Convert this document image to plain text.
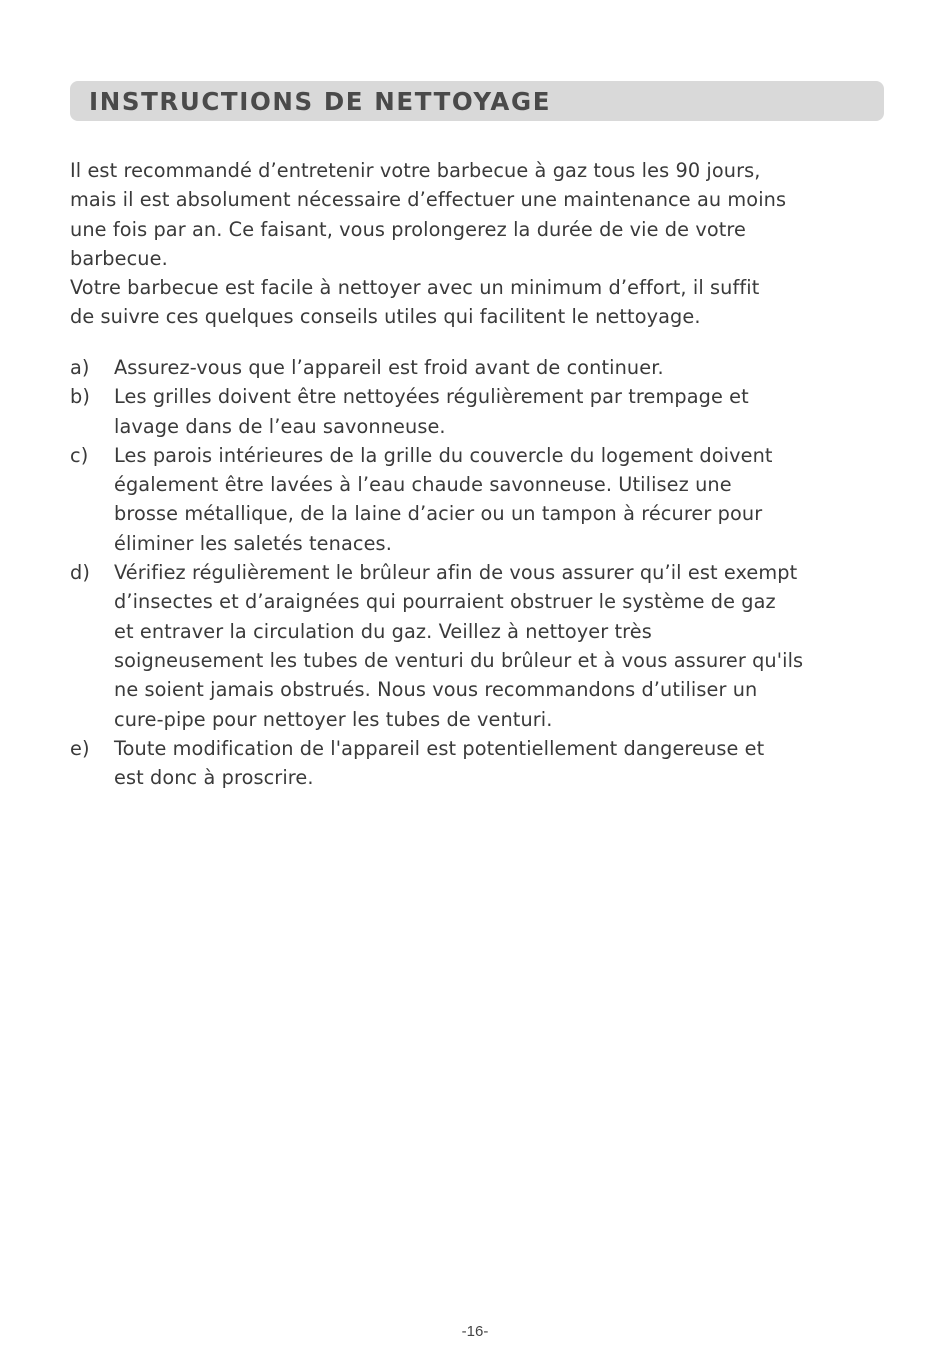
INSTRUCTIONS DE NETTOYAGE

Il est recommandé d’entretenir votre barbecue à gaz tous les 90 jours,

mais il est absolument nécessaire d’effectuer une maintenance au moins

une fois par an. Ce faisant, vous prolongerez la durée de vie de votre

barbecue.

Votre barbecue est facile à nettoyer avec un minimum d’effort, il suffit

de suivre ces quelques conseils utiles qui facilitent le nettoyage.

a) Assurez-vous que l’appareil est froid avant de continuer.
b) Les grilles doivent être nettoyées régulièrement par trempage et
lavage dans de l’eau savonneuse.
c) Les parois intérieures de la grille du couvercle du logement doivent
également être lavées à l’eau chaude savonneuse. Utilisez une
brosse métallique, de la laine d’acier ou un tampon à récurer pour
éliminer les saletés tenaces.
d) Vérifiez régulièrement le brûleur afin de vous assurer qu’il est exempt
d’insectes et d’araignées qui pourraient obstruer le système de gaz
et entraver la circulation du gaz. Veillez à nettoyer très
soigneusement les tubes de venturi du brûleur et à vous assurer qu'ils
ne soient jamais obstrués. Nous vous recommandons d’utiliser un
cure-pipe pour nettoyer les tubes de venturi.
e) Toute modification de l'appareil est potentiellement dangereuse et
est donc à proscrire.
-16-
